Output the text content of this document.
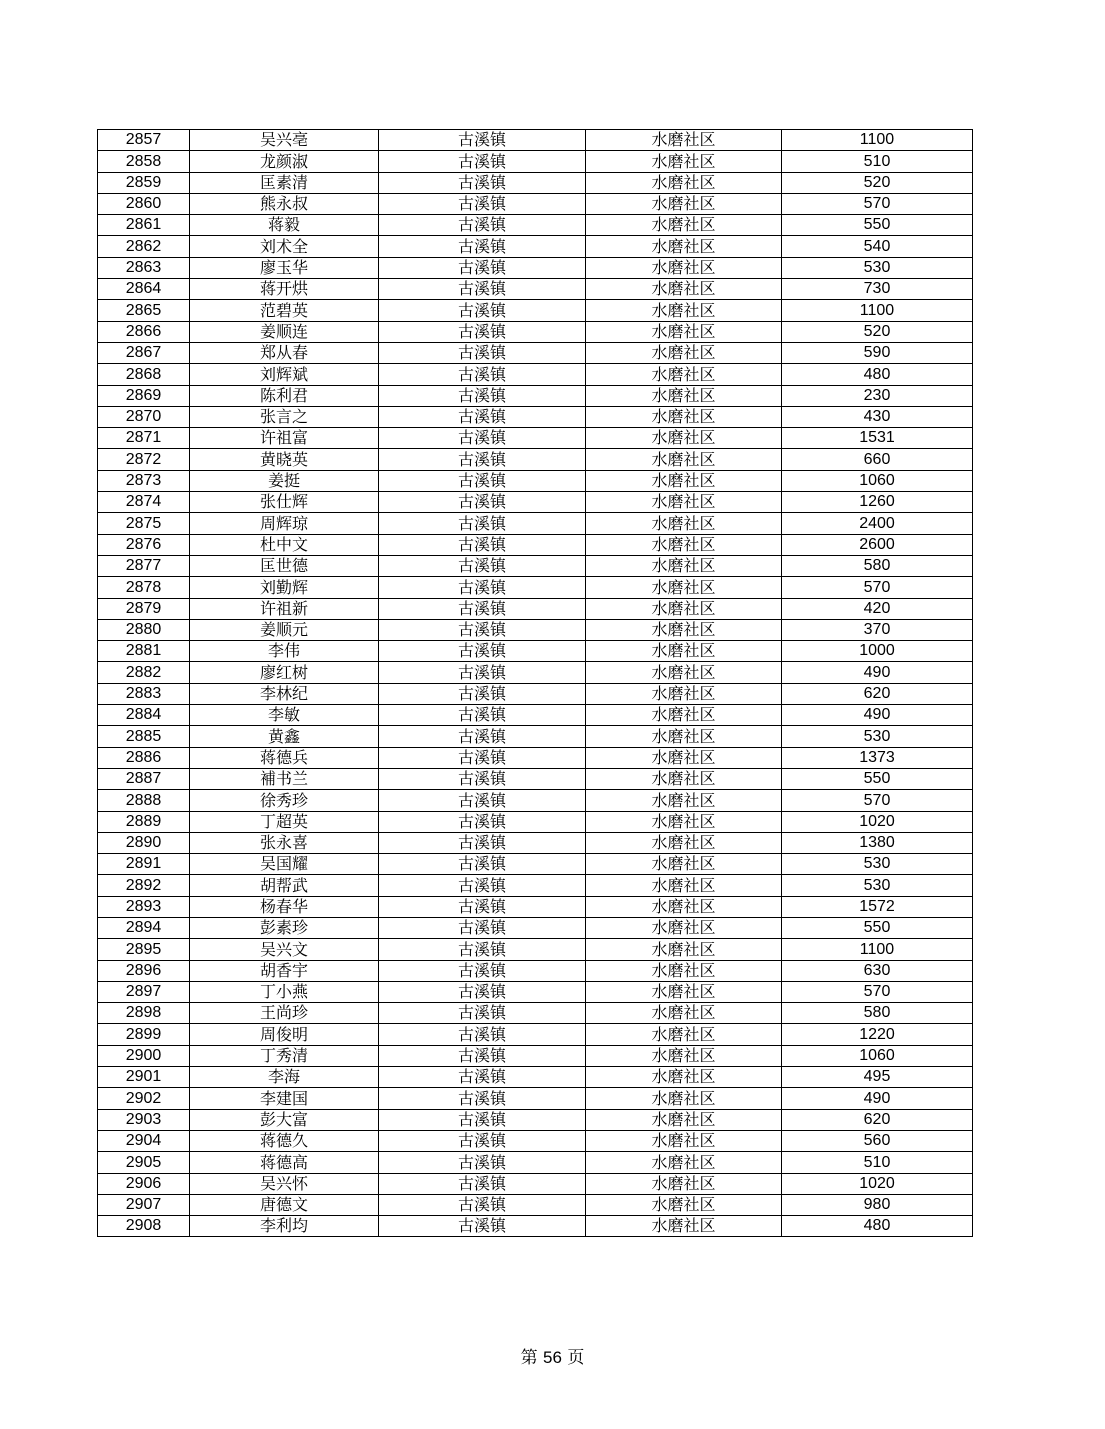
2857	吴兴亳	古溪镇	水磨社区	1100
2858	龙颜淑	古溪镇	水磨社区	510
2859	匡素清	古溪镇	水磨社区	520
2860	熊永叔	古溪镇	水磨社区	570
2861	蒋毅	古溪镇	水磨社区	550
2862	刘术全	古溪镇	水磨社区	540
2863	廖玉华	古溪镇	水磨社区	530
2864	蒋开烘	古溪镇	水磨社区	730
2865	范碧英	古溪镇	水磨社区	1100
2866	姜顺连	古溪镇	水磨社区	520
2867	郑从春	古溪镇	水磨社区	590
2868	刘辉斌	古溪镇	水磨社区	480
2869	陈利君	古溪镇	水磨社区	230
2870	张言之	古溪镇	水磨社区	430
2871	许祖富	古溪镇	水磨社区	1531
2872	黄晓英	古溪镇	水磨社区	660
2873	姜挺	古溪镇	水磨社区	1060
2874	张仕辉	古溪镇	水磨社区	1260
2875	周辉琼	古溪镇	水磨社区	2400
2876	杜中文	古溪镇	水磨社区	2600
2877	匡世德	古溪镇	水磨社区	580
2878	刘勤辉	古溪镇	水磨社区	570
2879	许祖新	古溪镇	水磨社区	420
2880	姜顺元	古溪镇	水磨社区	370
2881	李伟	古溪镇	水磨社区	1000
2882	廖红树	古溪镇	水磨社区	490
2883	李林纪	古溪镇	水磨社区	620
2884	李敏	古溪镇	水磨社区	490
2885	黄鑫	古溪镇	水磨社区	530
2886	蒋德兵	古溪镇	水磨社区	1373
2887	補书兰	古溪镇	水磨社区	550
2888	徐秀珍	古溪镇	水磨社区	570
2889	丁超英	古溪镇	水磨社区	1020
2890	张永喜	古溪镇	水磨社区	1380
2891	吴国耀	古溪镇	水磨社区	530
2892	胡帮武	古溪镇	水磨社区	530
2893	杨春华	古溪镇	水磨社区	1572
2894	彭素珍	古溪镇	水磨社区	550
2895	吴兴文	古溪镇	水磨社区	1100
2896	胡香宇	古溪镇	水磨社区	630
2897	丁小燕	古溪镇	水磨社区	570
2898	王尚珍	古溪镇	水磨社区	580
2899	周俊明	古溪镇	水磨社区	1220
2900	丁秀清	古溪镇	水磨社区	1060
2901	李海	古溪镇	水磨社区	495
2902	李建国	古溪镇	水磨社区	490
2903	彭大富	古溪镇	水磨社区	620
2904	蒋德久	古溪镇	水磨社区	560
2905	蒋德高	古溪镇	水磨社区	510
2906	吴兴怀	古溪镇	水磨社区	1020
2907	唐德文	古溪镇	水磨社区	980
2908	李利均	古溪镇	水磨社区	480
第 56 页
